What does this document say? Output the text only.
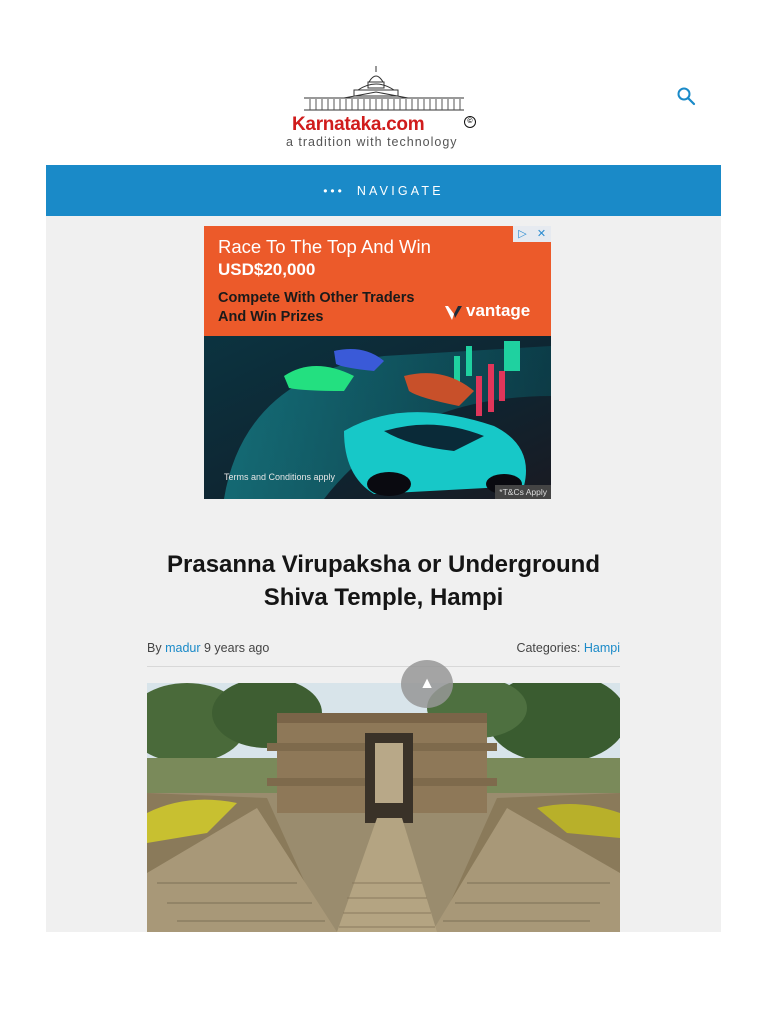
Karnataka.com	©
a tradition with technology
••• NAVIGATE
Race To The Top And Win
USD$20,000
Compete With Other Traders And Win Prizes	vantage
▷ ✕
Terms and Conditions apply
*T&Cs Apply
Prasanna Virupaksha or Underground Shiva Temple, Hampi
By madur 9 years ago	Categories: Hampi
▲
